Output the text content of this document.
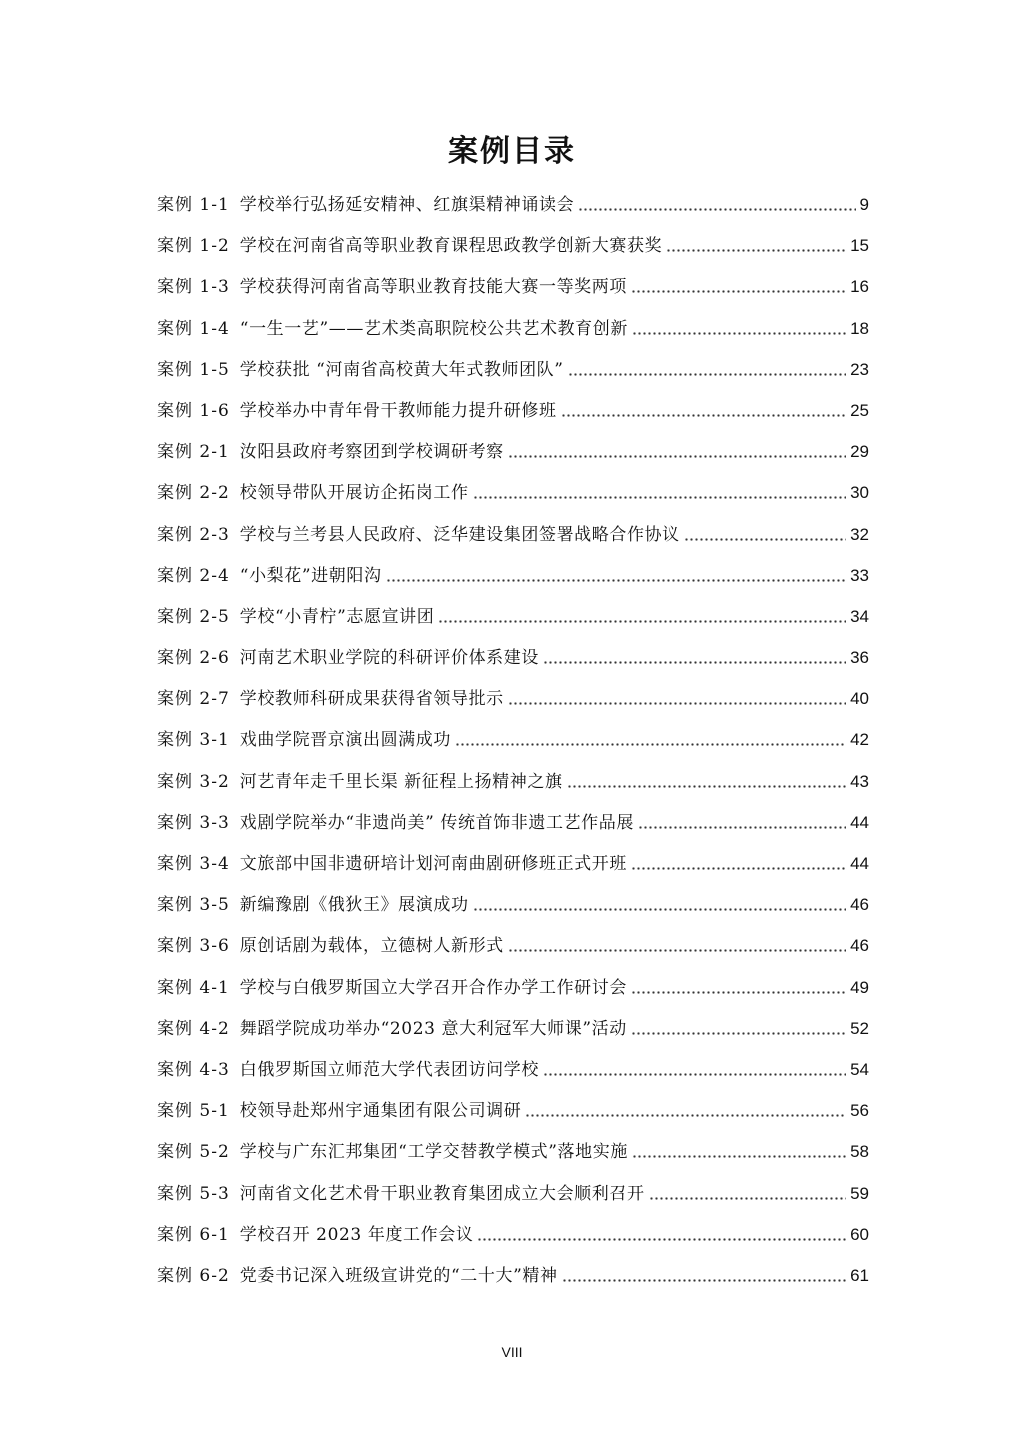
案例目录
案例 1-1 学校举行弘扬延安精神、红旗渠精神诵读会	9
案例 1-2 学校在河南省高等职业教育课程思政教学创新大赛获奖	15
案例 1-3 学校获得河南省高等职业教育技能大赛一等奖两项	16
案例 1-4 “一生一艺”——艺术类高职院校公共艺术教育创新	18
案例 1-5 学校获批 “河南省高校黄大年式教师团队”	23
案例 1-6 学校举办中青年骨干教师能力提升研修班	25
案例 2-1 汝阳县政府考察团到学校调研考察	29
案例 2-2 校领导带队开展访企拓岗工作	30
案例 2-3 学校与兰考县人民政府、泛华建设集团签署战略合作协议	32
案例 2-4 “小梨花”进朝阳沟	33
案例 2-5 学校“小青柠”志愿宣讲团	34
案例 2-6 河南艺术职业学院的科研评价体系建设	36
案例 2-7 学校教师科研成果获得省领导批示	40
案例 3-1 戏曲学院晋京演出圆满成功	42
案例 3-2 河艺青年走千里长渠 新征程上扬精神之旗	43
案例 3-3 戏剧学院举办“非遗尚美” 传统首饰非遗工艺作品展	44
案例 3-4 文旅部中国非遗研培计划河南曲剧研修班正式开班	44
案例 3-5 新编豫剧《俄狄王》展演成功	46
案例 3-6 原创话剧为载体，立德树人新形式	46
案例 4-1 学校与白俄罗斯国立大学召开合作办学工作研讨会	49
案例 4-2 舞蹈学院成功举办“2023 意大利冠军大师课”活动	52
案例 4-3 白俄罗斯国立师范大学代表团访问学校	54
案例 5-1 校领导赴郑州宇通集团有限公司调研	56
案例 5-2 学校与广东汇邦集团“工学交替教学模式”落地实施	58
案例 5-3 河南省文化艺术骨干职业教育集团成立大会顺利召开	59
案例 6-1 学校召开 2023 年度工作会议	60
案例 6-2 党委书记深入班级宣讲党的“二十大”精神	61
VIII
